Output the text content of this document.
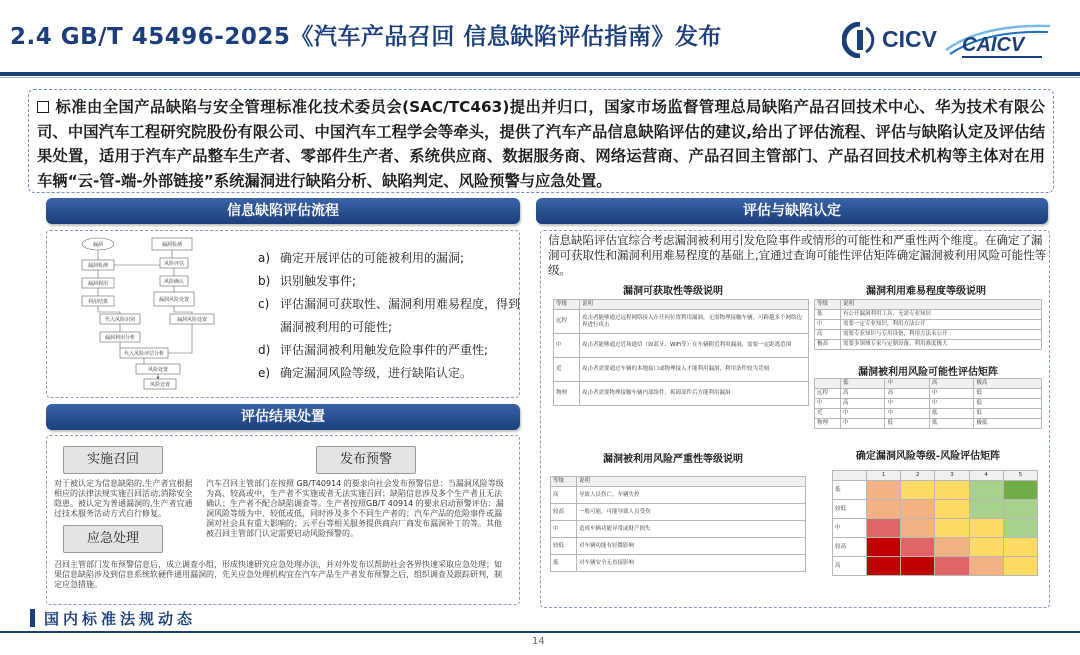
2.4 GB/T 45496-2025《汽车产品召回 信息缺陷评估指南》发布	CICV CAICV
标准由全国产品缺陷与安全管理标准化技术委员会(SAC/TC463)提出并归口，国家市场监督管理总局缺陷产品召回技术中心、华为技术有限公司、中国汽车工程研究院股份有限公司、中国汽车工程学会等牵头，提供了汽车产品信息缺陷评估的建议,给出了评估流程、评估与缺陷认定及评估结果处置，适用于汽车产品整车生产者、零部件生产者、系统供应商、数据服务商、网络运营商、产品召回主管部门、产品召回技术机构等主体对在用车辆“云-管-端-外部链接”系统漏洞进行缺陷分析、缺陷判定、风险预警与应急处置。
信息缺陷评估流程
漏洞	漏洞检测
漏洞检测	风险评估
漏洞利用	风险确认
利用结果	漏洞风险处置
代入风险识别
漏洞利用分析
漏洞风险处置
代入风险评估分析
风险处置
风险处置
a) 确定开展评估的可能被利用的漏洞;
b) 识别触发事件;
c) 评估漏洞可获取性、漏洞利用难易程度，得到漏洞被利用的可能性;
d) 评估漏洞被利用触发危险事件的严重性;
e) 确定漏洞风险等级，进行缺陷认定。
评估结果处置
实施召回	发布预警
应急处理
对于被认定为信息缺陷的,生产者宜根据相应的法律法规实施召回活动,消除安全隐患。被认定为普通漏洞的,生产者宜通过技术服务活动方式自行修复。
汽车召回主管部门在按照 GB/T40914 的要求向社会发布预警信息：当漏洞风险等级为高、较高或中，生产者不实施或者无法实施召回；缺陷信息涉及多个生产者且无法确认；生产者不配合缺陷调查等。生产者按照GB/T 40914 的要求启动预警评估：漏洞风险等级为中、较低或低，同时涉及多个不同生产者的；汽车产品的危险事件或漏洞对社会具有重大影响的；云平台等相关服务提供商向厂商发布漏洞补丁的等。其他被召回主管部门认定需要启动风险预警的。
召回主管部门发布预警信息后，成立调查小组，形成快速研究应急处理办法，并对外发布以帮助社会各界快速采取应急处理；如果信息缺陷涉及到信息系统软硬件通用漏洞的，先关应急处理机构宜在汽车产品生产者发布预警之后，组织调查及跟踪研判，制定应急措施。
评估与缺陷认定
信息缺陷评估宜综合考虑漏洞被利用引发危险事件或情形的可能性和严重性两个维度。在确定了漏洞可获取性和漏洞利用难易程度的基础上,宜通过查询可能性评估矩阵确定漏洞被利用风险可能性等级。
漏洞可获取性等级说明
等级	说明
远程	攻击者能够通过远程网络接入在任何位置利用漏洞，无需物理接触车辆，可跨越多个网络边界进行攻击
中	攻击者能够通过近场通信（如蓝牙、WiFi等）在车辆附近利用漏洞，需要一定距离范围
近	攻击者需要通过车辆的本地接口或物理接入才能利用漏洞，利用条件较为苛刻
物理	攻击者需要物理接触车辆内部组件，拆卸部件后方能利用漏洞
漏洞利用难易程度等级说明
等级	说明
低	有公开漏洞利用工具，无需专业知识
中	需要一定专业知识，利用方法公开
高	需要专业知识与专用设备，利用方法未公开
极高	需要多领域专家与定制设备，利用难度极大
漏洞被利用风险可能性评估矩阵
	低	中	高	极高
远程	高	高	中	低
中	高	中	中	低
近	中	中	低	低
物理	中	低	低	极低
漏洞被利用风险严重性等级说明
等级	说明
高	导致人员伤亡，车辆失控
较高	一般可能，可能导致人员受伤
中	造成车辆功能异常或财产损失
较低	对车辆功能有轻微影响
低	对车辆安全无直接影响
确定漏洞风险等级-风险评估矩阵
	1	2	3	4	5
低					
较低					
中					
较高					
高					
国内标准法规动态
14
